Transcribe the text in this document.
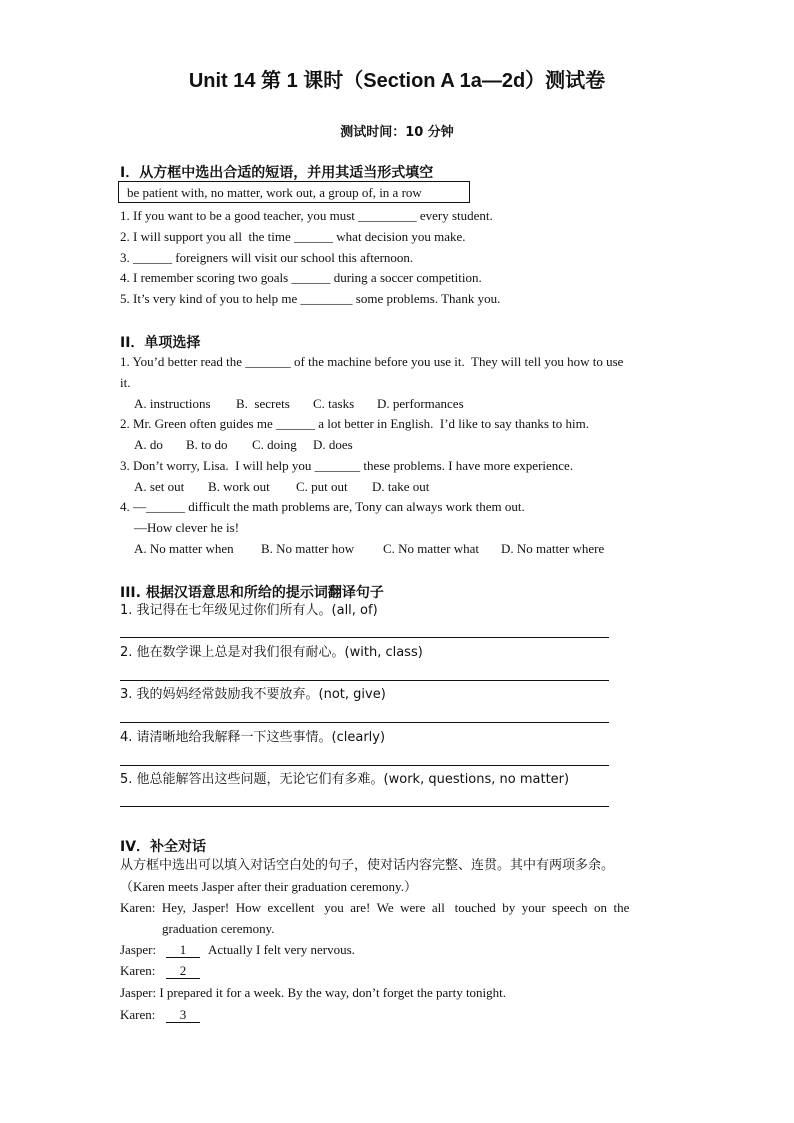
Unit 14 第 1 课时（Section A 1a—2d）测试卷
测试时间：10 分钟
I．从方框中选出合适的短语，并用其适当形式填空
be patient with, no matter, work out, a group of, in a row
1. If you want to be a good teacher, you must _________ every student.
2. I will support you all  the time ______ what decision you make.
3. ______ foreigners will visit our school this afternoon.
4. I remember scoring two goals ______ during a soccer competition.
5. It’s very kind of you to help me ________ some problems. Thank you.
II．单项选择
1. You’d better read the _______ of the machine before you use it.  They will tell you how to use
it.
A. instructions B.  secrets C. tasks D. performances
2. Mr. Green often guides me ______ a lot better in English.  I’d like to say thanks to him.
A. do B. to do C. doing D. does
3. Don’t worry, Lisa.  I will help you _______ these problems. I have more experience.
A. set out B. work out C. put out D. take out
4. —______ difficult the math problems are, Tony can always work them out.
—How clever he is!
A. No matter when B. No matter how C. No matter what D. No matter where
III. 根据汉语意思和所给的提示词翻译句子
1. 我记得在七年级见过你们所有人。(all, of)
2. 他在数学课上总是对我们很有耐心。(with, class)
3. 我的妈妈经常鼓励我不要放弃。(not, give)
4. 请清晰地给我解释一下这些事情。(clearly)
5. 他总能解答出这些问题，无论它们有多难。(work, questions, no matter)
IV．补全对话
从方框中选出可以填入对话空白处的句子，使对话内容完整、连贯。其中有两项多余。
（Karen meets Jasper after their graduation ceremony.）
Karen:  Hey,  Jasper!  How  excellent   you  are!  We  were  all   touched  by  your  speech  on  the
graduation ceremony.
Jasper:	1	Actually I felt very nervous.
Karen:	2
Jasper: I prepared it for a week. By the way, don’t forget the party tonight.
Karen:	3
